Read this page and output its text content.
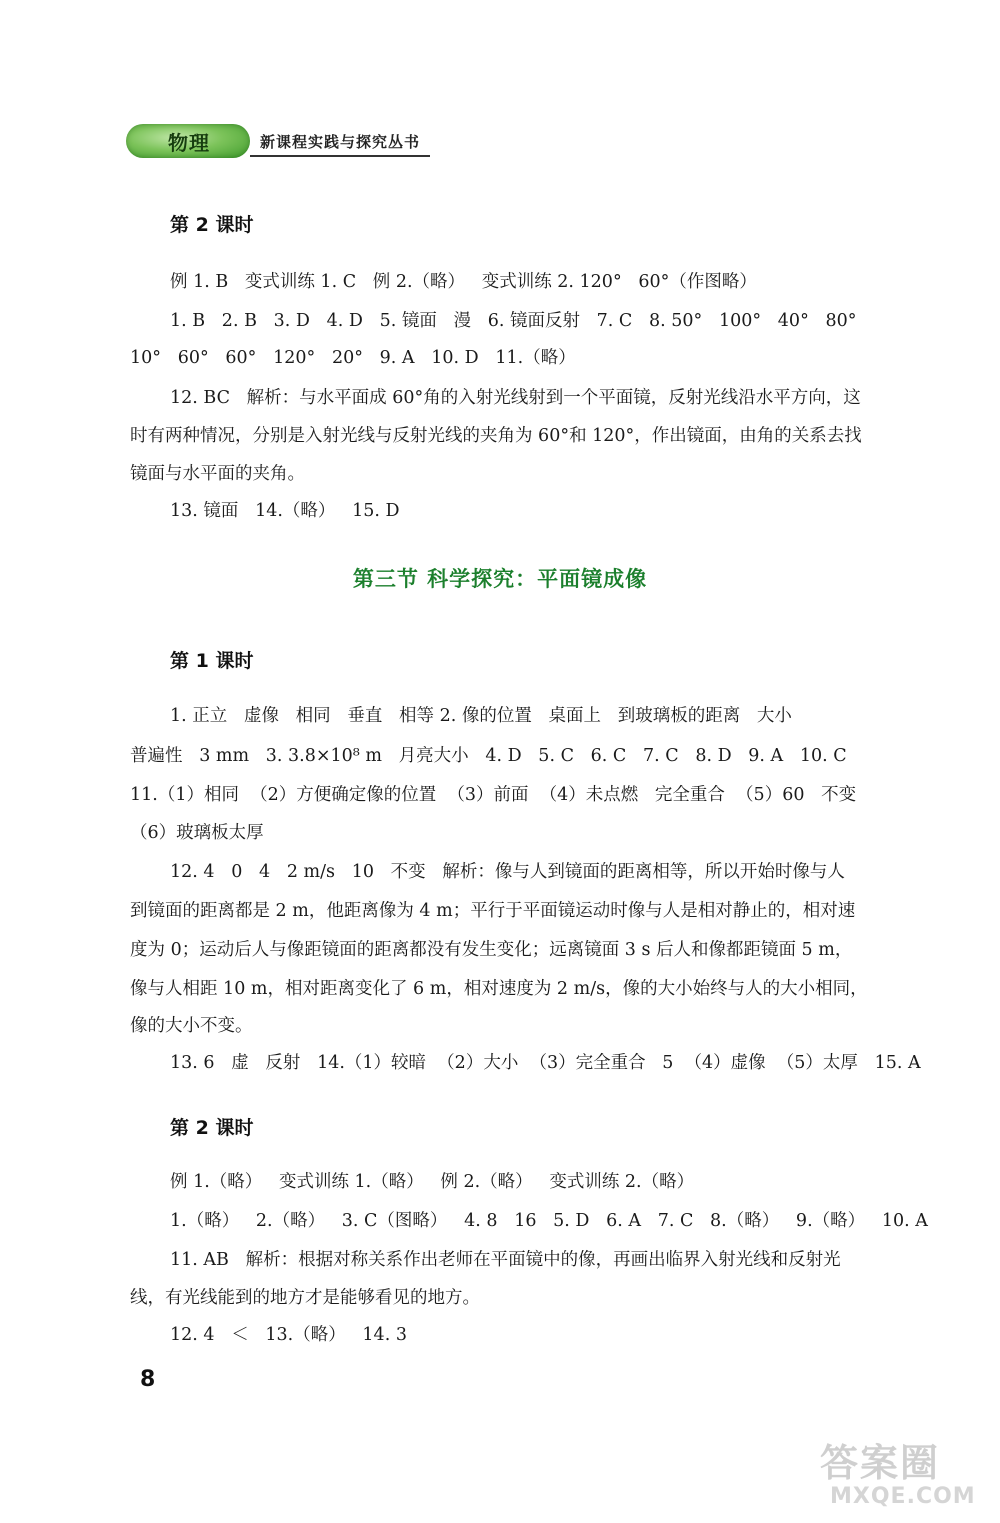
物理	新课程实践与探究丛书
第 2 课时
例 1. B   变式训练 1. C   例 2.（略）   变式训练 2. 120°   60°（作图略）
1. B   2. B   3. D   4. D   5. 镜面   漫   6. 镜面反射   7. C   8. 50°   100°   40°   80°
10°   60°   60°   120°   20°   9. A   10. D   11.（略）
12. BC   解析：与水平面成 60°角的入射光线射到一个平面镜，反射光线沿水平方向，这
时有两种情况，分别是入射光线与反射光线的夹角为 60°和 120°，作出镜面，由角的关系去找
镜面与水平面的夹角。
13. 镜面   14.（略）   15. D
第三节 科学探究：平面镜成像
第 1 课时
1. 正立   虚像   相同   垂直   相等 2. 像的位置   桌面上   到玻璃板的距离   大小
普遍性   3 mm   3. 3.8×10⁸ m   月亮大小   4. D   5. C   6. C   7. C   8. D   9. A   10. C
11.（1）相同  （2）方便确定像的位置  （3）前面  （4）未点燃   完全重合  （5）60   不变
（6）玻璃板太厚
12. 4   0   4   2 m/s   10   不变   解析：像与人到镜面的距离相等，所以开始时像与人
到镜面的距离都是 2 m，他距离像为 4 m；平行于平面镜运动时像与人是相对静止的，相对速
度为 0；运动后人与像距镜面的距离都没有发生变化；远离镜面 3 s 后人和像都距镜面 5 m，
像与人相距 10 m，相对距离变化了 6 m，相对速度为 2 m/s，像的大小始终与人的大小相同，
像的大小不变。
13. 6   虚   反射   14.（1）较暗  （2）大小  （3）完全重合   5  （4）虚像  （5）太厚   15. A
第 2 课时
例 1.（略）   变式训练 1.（略）   例 2.（略）   变式训练 2.（略）
1.（略）   2.（略）   3. C（图略）   4. 8   16   5. D   6. A   7. C   8.（略）   9.（略）   10. A
11. AB   解析：根据对称关系作出老师在平面镜中的像，再画出临界入射光线和反射光
线，有光线能到的地方才是能够看见的地方。
12. 4   ＜   13.（略）   14. 3
8
答案圈
MXQE.COM
